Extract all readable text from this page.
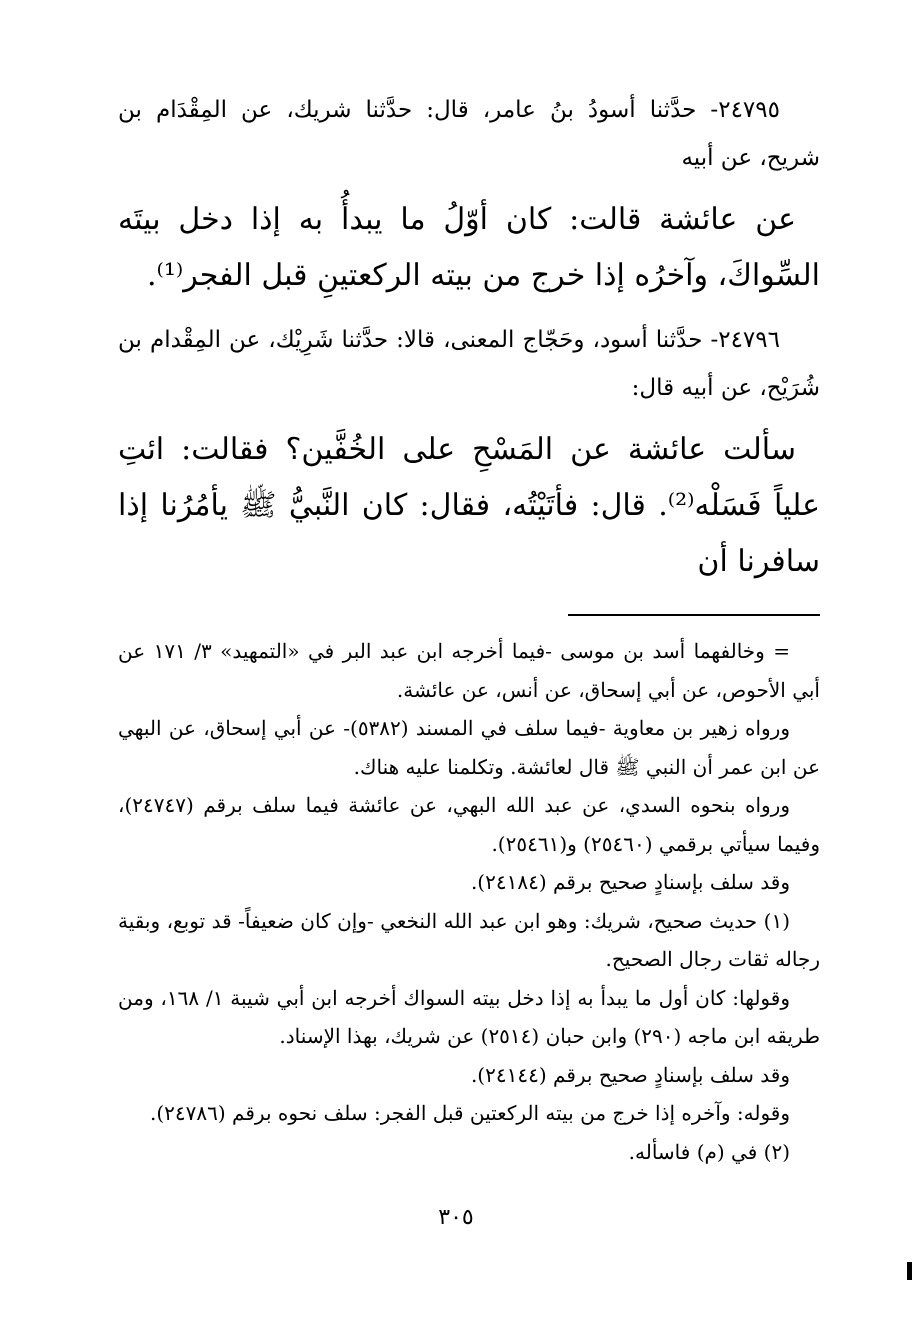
٢٤٧٩٥- حدَّثنا أسودُ بنُ عامر، قال: حدَّثنا شريك، عن المِقْدَام بن شريح، عن أبيه

عن عائشة قالت: كان أوّلُ ما يبدأُ به إذا دخل بيتَه السِّواكَ، وآخرُه إذا خرج من بيته الركعتينِ قبل الفجر⁽¹⁾.

٢٤٧٩٦- حدَّثنا أسود، وحَجّاج المعنى، قالا: حدَّثنا شَرِيْك، عن المِقْدام بن شُرَيْح، عن أبيه قال:

سألت عائشة عن المَسْحِ على الخُفَّين؟ فقالت: ائتِ علياً فَسَلْه⁽²⁾. قال: فأتَيْتُه، فقال: كان النَّبيُّ ﷺ يأمُرُنا إذا سافرنا أن

= وخالفهما أسد بن موسى -فيما أخرجه ابن عبد البر في «التمهيد» ٣/ ١٧١ عن أبي الأحوص، عن أبي إسحاق، عن أنس، عن عائشة.

ورواه زهير بن معاوية -فيما سلف في المسند (٥٣٨٢)- عن أبي إسحاق، عن البهي عن ابن عمر أن النبي ﷺ قال لعائشة. وتكلمنا عليه هناك.

ورواه بنحوه السدي، عن عبد الله البهي، عن عائشة فيما سلف برقم (٢٤٧٤٧)، وفيما سيأتي برقمي (٢٥٤٦٠) و(٢٥٤٦١).

وقد سلف بإسنادٍ صحيح برقم (٢٤١٨٤).

(١) حديث صحيح، شريك: وهو ابن عبد الله النخعي -وإن كان ضعيفاً- قد توبع، وبقية رجاله ثقات رجال الصحيح.

وقولها: كان أول ما يبدأ به إذا دخل بيته السواك أخرجه ابن أبي شيبة ١/ ١٦٨، ومن طريقه ابن ماجه (٢٩٠) وابن حبان (٢٥١٤) عن شريك، بهذا الإسناد.

وقد سلف بإسنادٍ صحيح برقم (٢٤١٤٤).

وقوله: وآخره إذا خرج من بيته الركعتين قبل الفجر: سلف نحوه برقم (٢٤٧٨٦).

(٢) في (م) فاسأله.

٣٠٥
